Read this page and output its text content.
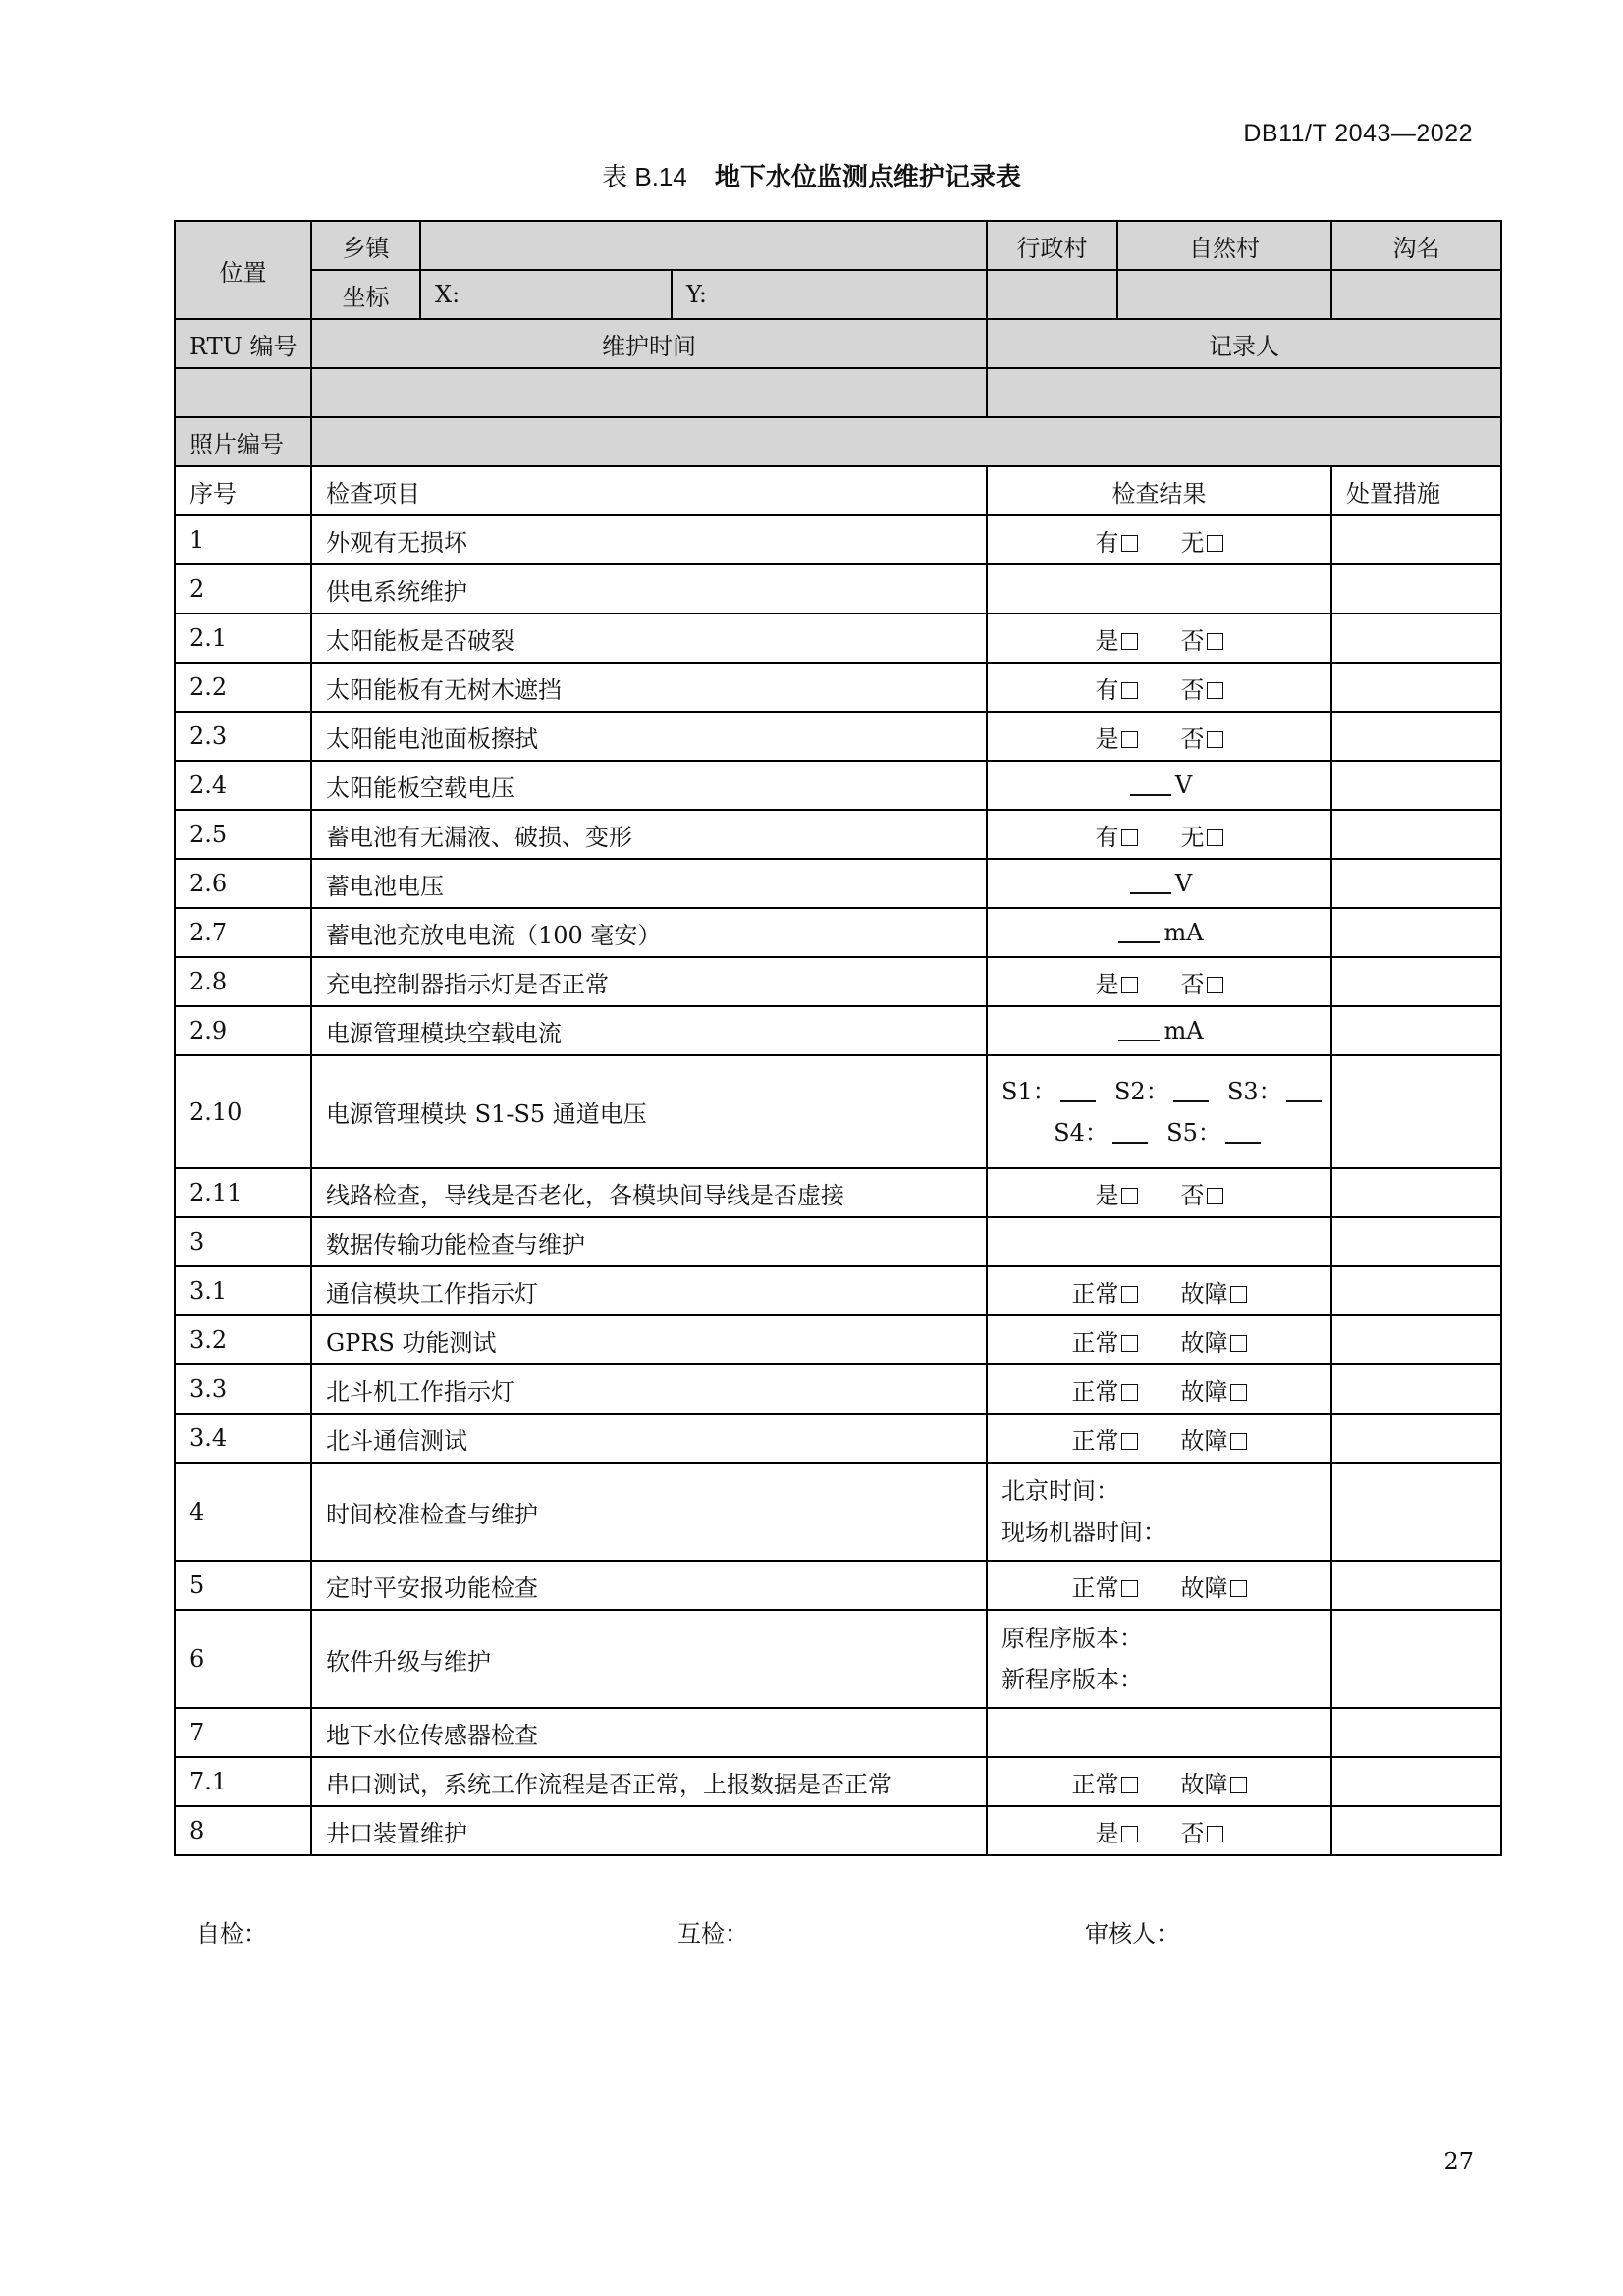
DB11/T 2043—2022
表 B.14 地下水位监测点维护记录表
位置	乡镇			行政村	自然村	沟名
	坐标	X:	Y:			
RTU 编号	维护时间			记录人		

照片编号						
序号	检查项目			检查结果		处置措施
1	外观有无损坏			有 无		
2	供电系统维护					
2.1	太阳能板是否破裂			是 否		
2.2	太阳能板有无树木遮挡			有 否		
2.3	太阳能电池面板擦拭			是 否		
2.4	太阳能板空载电压			V		
2.5	蓄电池有无漏液、破损、变形			有 无		
2.6	蓄电池电压			V		
2.7	蓄电池充放电电流（100 毫安）			mA		
2.8	充电控制器指示灯是否正常			是 否		
2.9	电源管理模块空载电流			mA		
2.10	电源管理模块 S1-S5 通道电压			S1： S2： S3：
S4： S5：		

2.11	线路检查，导线是否老化，各模块间导线是否虚接			是 否		
3	数据传输功能检查与维护					
3.1	通信模块工作指示灯			正常 故障		
3.2	GPRS 功能测试			正常 故障		
3.3	北斗机工作指示灯			正常 故障		
3.4	北斗通信测试			正常 故障		
4	时间校准检查与维护			北京时间：
现场机器时间：		

5	定时平安报功能检查			正常 故障		
6	软件升级与维护			原程序版本：
新程序版本：		

7	地下水位传感器检查					
7.1	串口测试，系统工作流程是否正常，上报数据是否正常			正常 故障		
8	井口装置维护			是 否		
自检：	互检：	审核人：
27
